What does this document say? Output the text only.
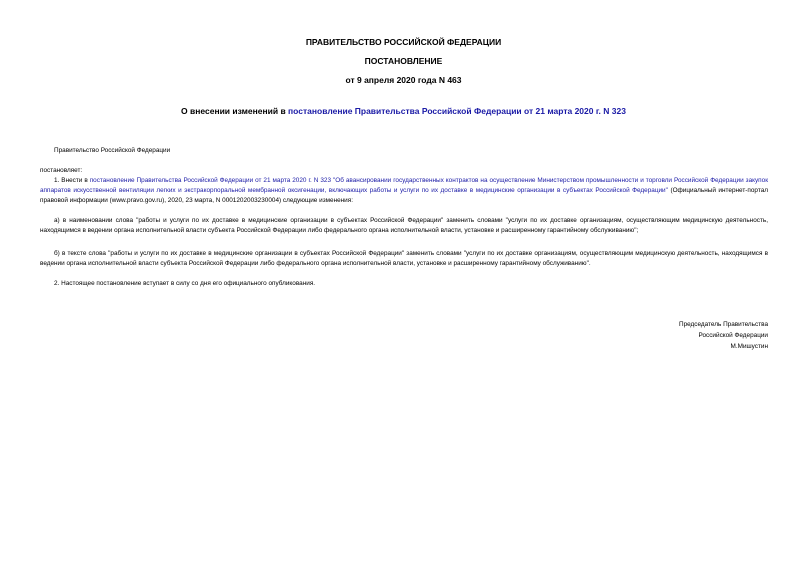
ПРАВИТЕЛЬСТВО РОССИЙСКОЙ ФЕДЕРАЦИИ
ПОСТАНОВЛЕНИЕ
от 9 апреля 2020 года N 463
О внесении изменений в постановление Правительства Российской Федерации от 21 марта 2020 г. N 323
Правительство Российской Федерации
постановляет:
1. Внести в постановление Правительства Российской Федерации от 21 марта 2020 г. N 323 "Об авансировании государственных контрактов на осуществление Министерством промышленности и торговли Российской Федерации закупок аппаратов искусственной вентиляции легких и экстракорпоральной мембранной оксигенации, включающих работы и услуги по их доставке в медицинские организации в субъектах Российской Федерации" (Официальный интернет-портал правовой информации (www.pravo.gov.ru), 2020, 23 марта, N 0001202003230004) следующие изменения:
а) в наименовании слова "работы и услуги по их доставке в медицинские организации в субъектах Российской Федерации" заменить словами "услуги по их доставке организациям, осуществляющим медицинскую деятельность, находящимся в ведении органа исполнительной власти субъекта Российской Федерации либо федерального органа исполнительной власти, установке и расширенному гарантийному обслуживанию";
б) в тексте слова "работы и услуги по их доставке в медицинские организации в субъектах Российской Федерации" заменить словами "услуги по их доставке организациям, осуществляющим медицинскую деятельность, находящимся в ведении органа исполнительной власти субъекта Российской Федерации либо федерального органа исполнительной власти, установке и расширенному гарантийному обслуживанию".
2. Настоящее постановление вступает в силу со дня его официального опубликования.
Председатель Правительства
Российской Федерации
М.Мишустин
